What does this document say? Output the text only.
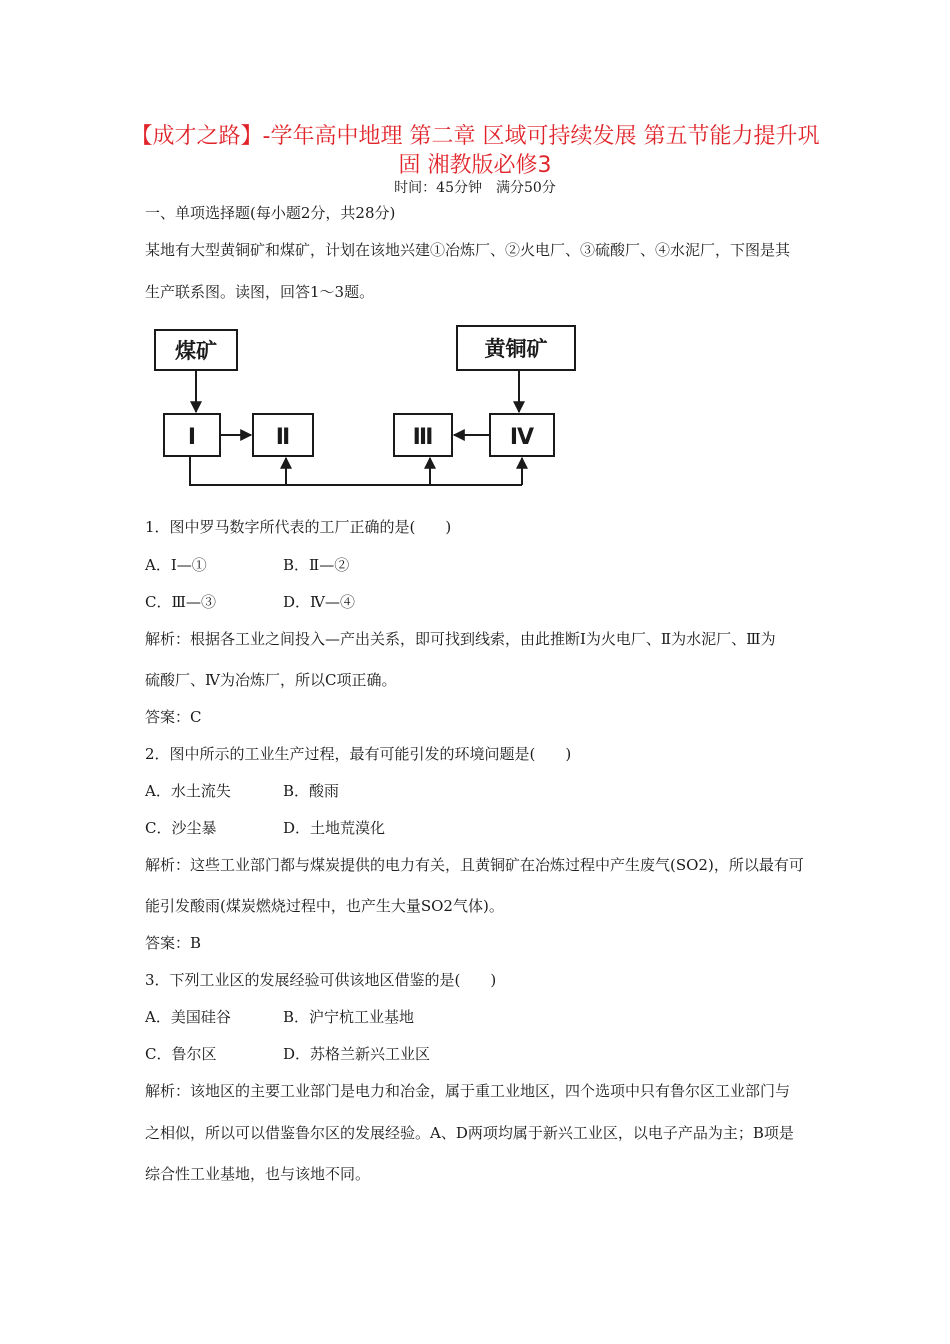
【成才之路】-学年高中地理 第二章 区域可持续发展 第五节能力提升巩
固 湘教版必修3
时间：45分钟　满分50分
一、单项选择题(每小题2分，共28分)
某地有大型黄铜矿和煤矿，计划在该地兴建①冶炼厂、②火电厂、③硫酸厂、④水泥厂，下图是其
生产联系图。读图，回答1～3题。
煤矿	黄铜矿
Ⅰ	Ⅱ	Ⅲ	Ⅳ
1．图中罗马数字所代表的工厂正确的是(　　)
A．Ⅰ—①	B．Ⅱ—②
C．Ⅲ—③	D．Ⅳ—④
解析：根据各工业之间投入—产出关系，即可找到线索，由此推断Ⅰ为火电厂、Ⅱ为水泥厂、Ⅲ为
硫酸厂、Ⅳ为冶炼厂，所以C项正确。
答案：C
2．图中所示的工业生产过程，最有可能引发的环境问题是(　　)
A．水土流失	B．酸雨
C．沙尘暴	D．土地荒漠化
解析：这些工业部门都与煤炭提供的电力有关，且黄铜矿在冶炼过程中产生废气(SO2)，所以最有可
能引发酸雨(煤炭燃烧过程中，也产生大量SO2气体)。
答案：B
3．下列工业区的发展经验可供该地区借鉴的是(　　)
A．美国硅谷	B．沪宁杭工业基地
C．鲁尔区	D．苏格兰新兴工业区
解析：该地区的主要工业部门是电力和冶金，属于重工业地区，四个选项中只有鲁尔区工业部门与
之相似，所以可以借鉴鲁尔区的发展经验。A、D两项均属于新兴工业区，以电子产品为主；B项是
综合性工业基地，也与该地不同。
